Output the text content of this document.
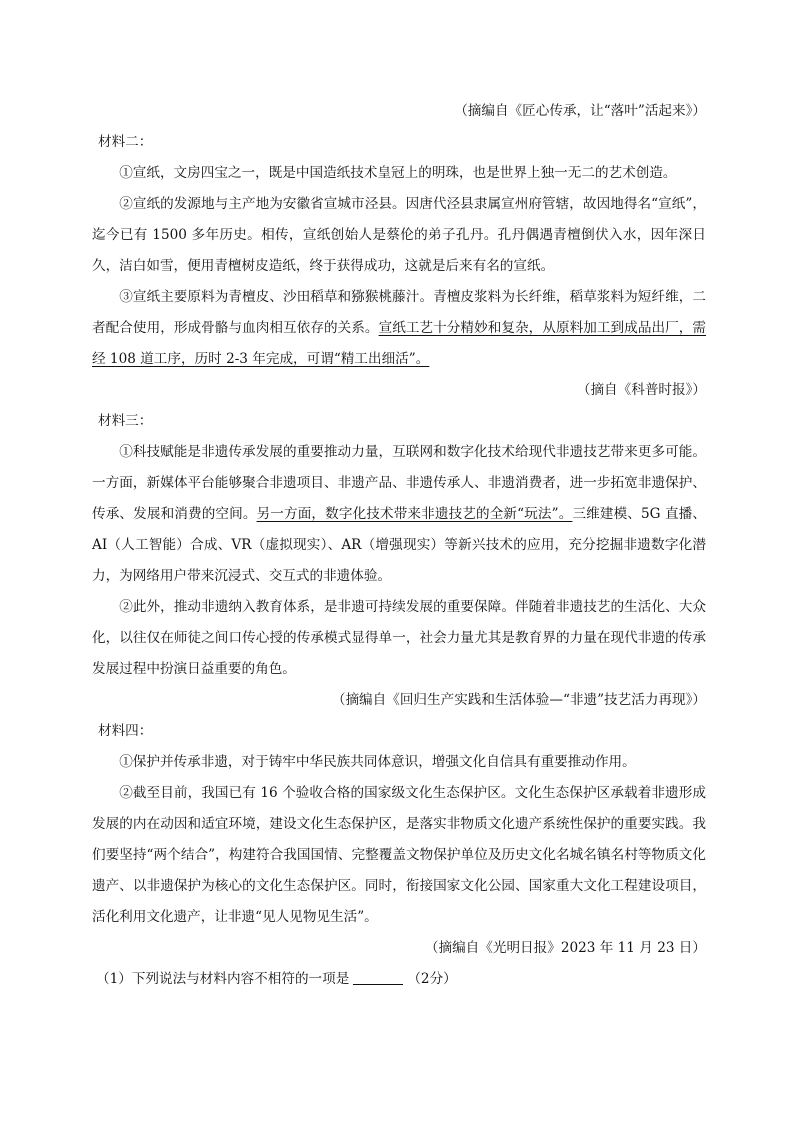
（摘编自《匠心传承，让“落叶”活起来》）

材料二：

①宣纸，文房四宝之一，既是中国造纸技术皇冠上的明珠，也是世界上独一无二的艺术创造。

②宣纸的发源地与主产地为安徽省宣城市泾县。因唐代泾县隶属宣州府管辖，故因地得名“宣纸”，迄今已有 1500 多年历史。相传，宣纸创始人是蔡伦的弟子孔丹。孔丹偶遇青檀倒伏入水，因年深日久，洁白如雪，便用青檀树皮造纸，终于获得成功，这就是后来有名的宣纸。

③宣纸主要原料为青檀皮、沙田稻草和猕猴桃藤汁。青檀皮浆料为长纤维，稻草浆料为短纤维，二者配合使用，形成骨骼与血肉相互依存的关系。宣纸工艺十分精妙和复杂，从原料加工到成品出厂，需经 108 道工序，历时 2-3 年完成，可谓“精工出细活”。

（摘自《科普时报》）

材料三：

①科技赋能是非遗传承发展的重要推动力量，互联网和数字化技术给现代非遗技艺带来更多可能。一方面，新媒体平台能够聚合非遗项目、非遗产品、非遗传承人、非遗消费者，进一步拓宽非遗保护、传承、发展和消费的空间。另一方面，数字化技术带来非遗技艺的全新“玩法”。三维建模、5G 直播、AI（人工智能）合成、VR（虚拟现实）、AR（增强现实）等新兴技术的应用，充分挖掘非遗数字化潜力，为网络用户带来沉浸式、交互式的非遗体验。

②此外，推动非遗纳入教育体系，是非遗可持续发展的重要保障。伴随着非遗技艺的生活化、大众化，以往仅在师徒之间口传心授的传承模式显得单一，社会力量尤其是教育界的力量在现代非遗的传承发展过程中扮演日益重要的角色。

（摘编自《回归生产实践和生活体验—“非遗”技艺活力再现》）

材料四：

①保护并传承非遗，对于铸牢中华民族共同体意识，增强文化自信具有重要推动作用。

②截至目前，我国已有 16 个验收合格的国家级文化生态保护区。文化生态保护区承载着非遗形成发展的内在动因和适宜环境，建设文化生态保护区，是落实非物质文化遗产系统性保护的重要实践。我们要坚持“两个结合”，构建符合我国国情、完整覆盖文物保护单位及历史文化名城名镇名村等物质文化遗产、以非遗保护为核心的文化生态保护区。同时，衔接国家文化公园、国家重大文化工程建设项目，活化利用文化遗产，让非遗“见人见物见生活”。

（摘编自《光明日报》2023 年 11 月 23 日）

（1）下列说法与材料内容不相符的一项是	（2分）
